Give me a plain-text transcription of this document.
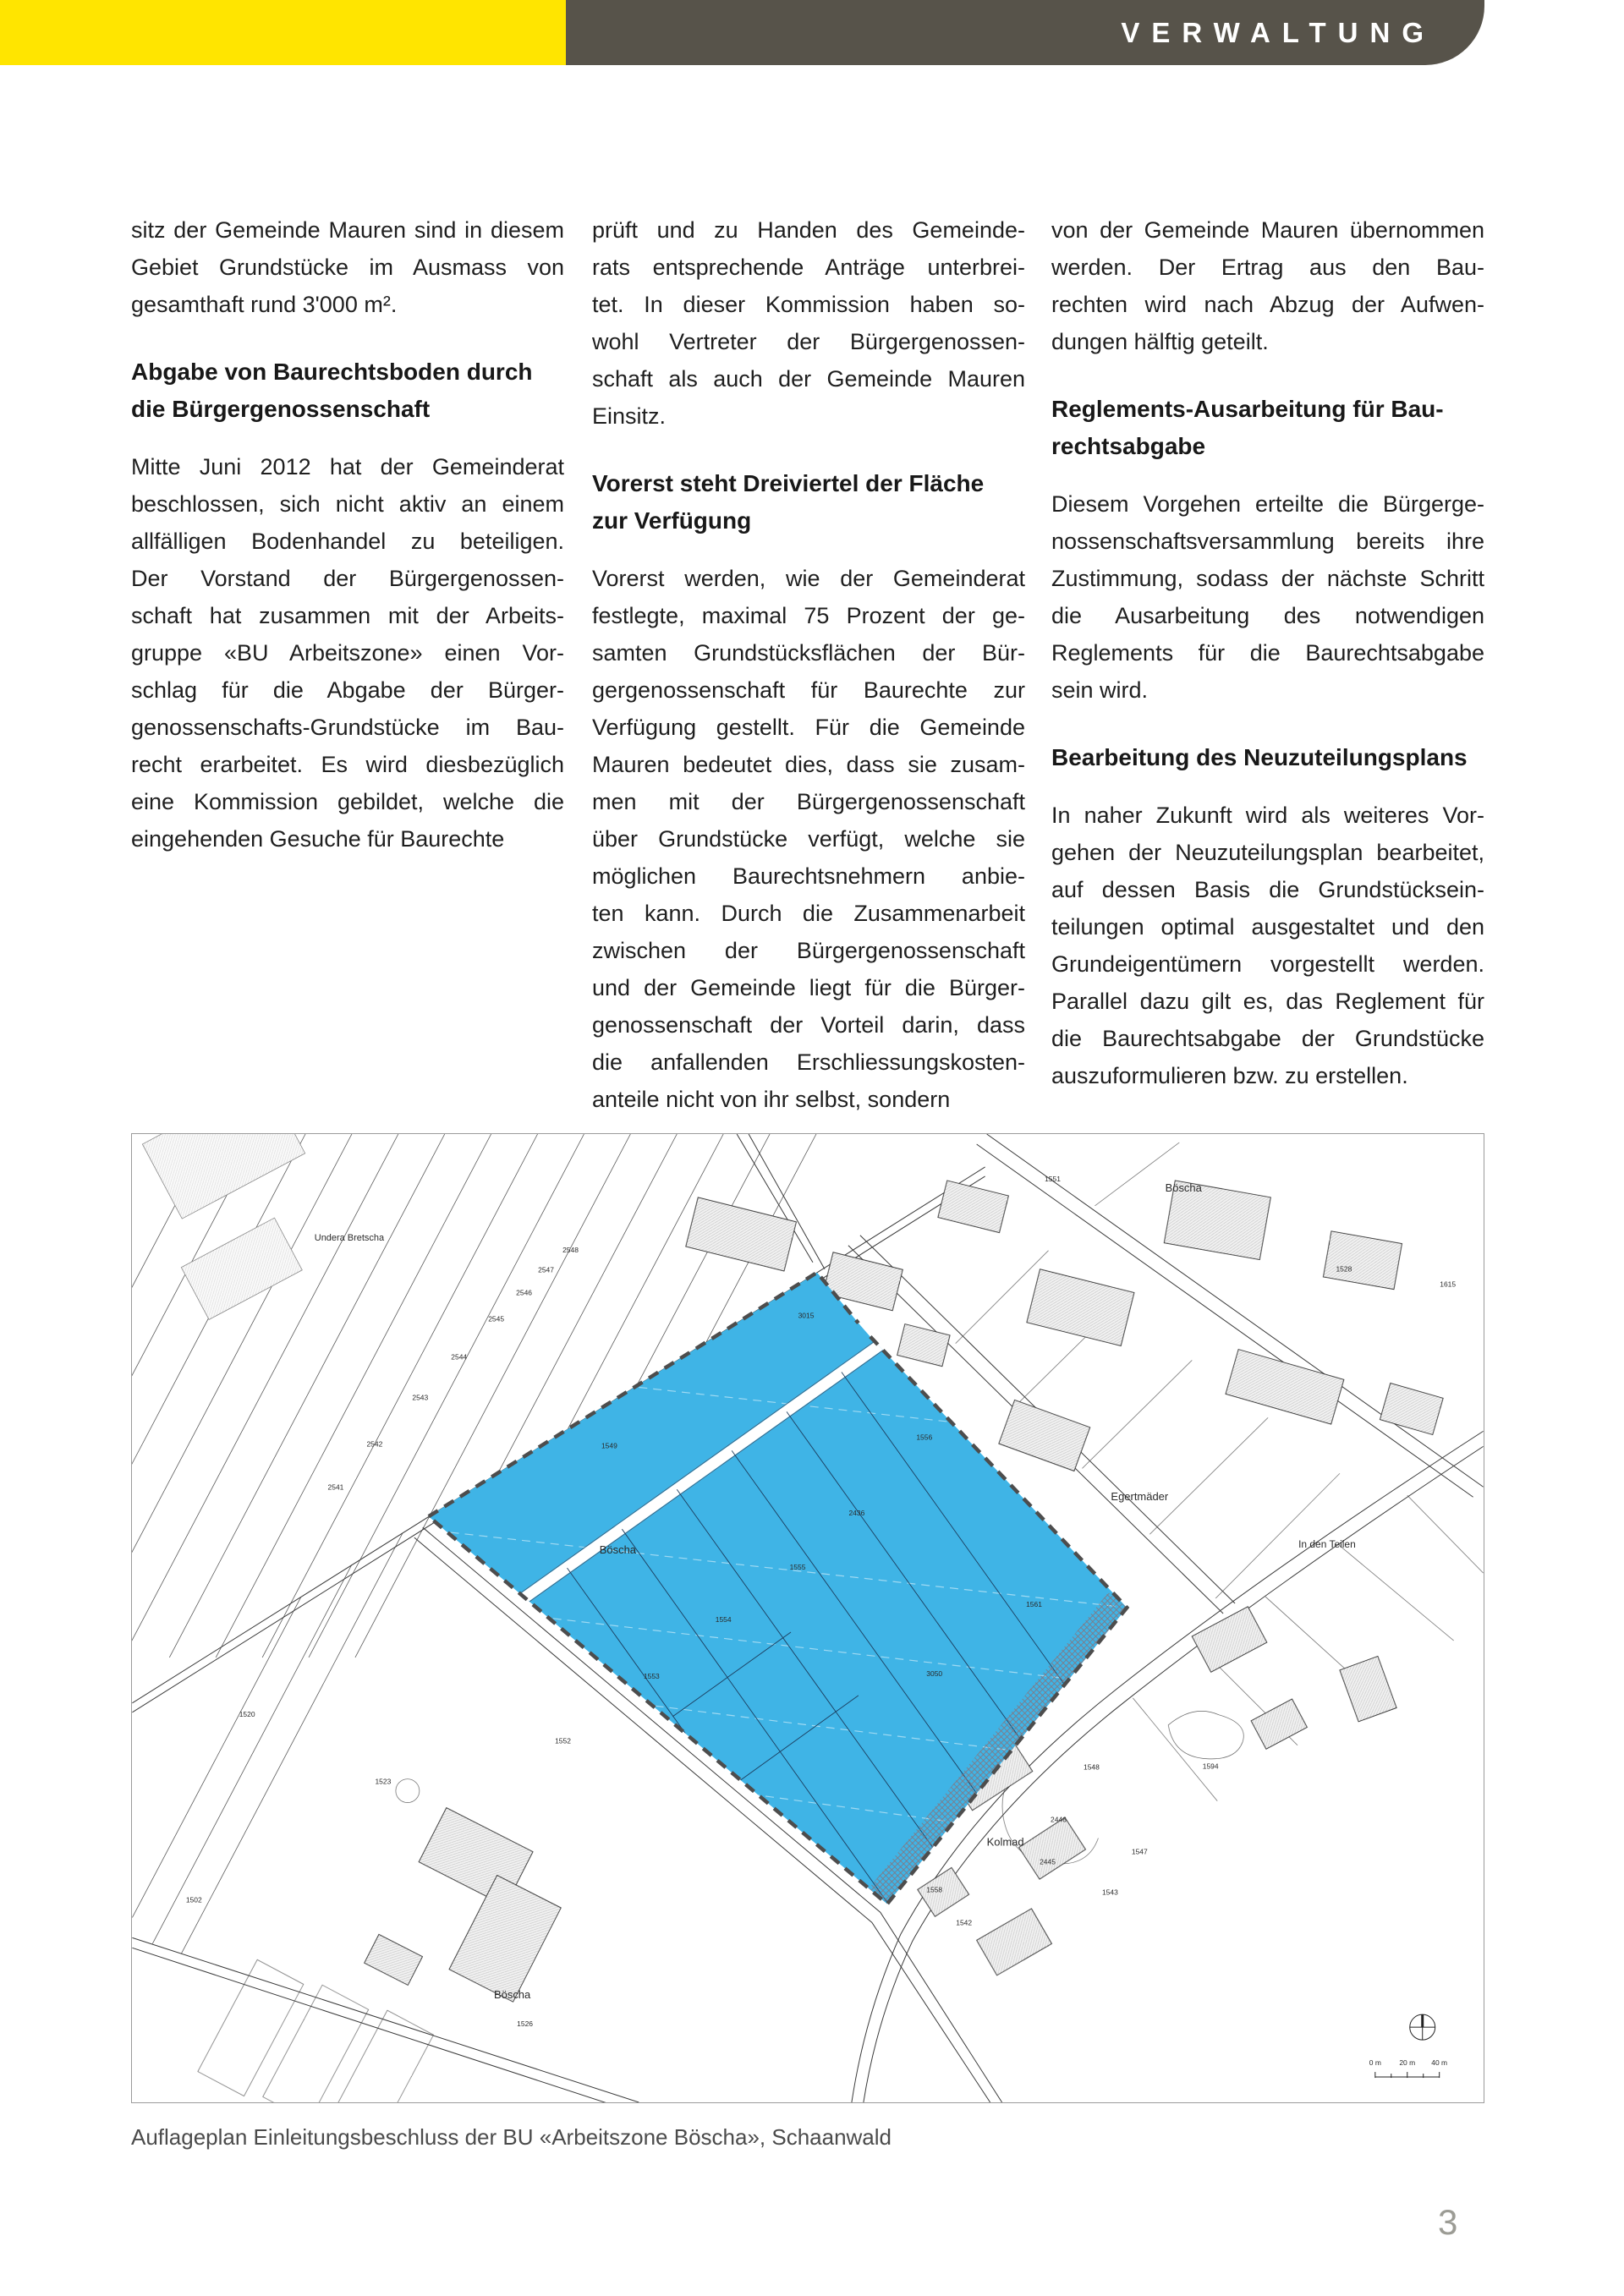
VERWALTUNG
sitz der Gemeinde Mauren sind in diesem
Gebiet Grundstücke im Ausmass von
gesamthaft rund 3'000 m².
Abgabe von Baurechtsboden durch
die Bürgergenossenschaft
Mitte Juni 2012 hat der Gemeinderat
beschlossen, sich nicht aktiv an einem
allfälligen Bodenhandel zu beteiligen.
Der Vorstand der Bürgergenossen-
schaft hat zusammen mit der Arbeits-
gruppe «BU Arbeitszone» einen Vor-
schlag für die Abgabe der Bürger-
genossenschafts-Grundstücke im Bau-
recht erarbeitet. Es wird diesbezüglich
eine Kommission gebildet, welche die
eingehenden Gesuche für Baurechte
prüft und zu Handen des Gemeinde-
rats entsprechende Anträge unterbrei-
tet. In dieser Kommission haben so-
wohl Vertreter der Bürgergenossen-
schaft als auch der Gemeinde Mauren
Einsitz.
Vorerst steht Dreiviertel der Fläche
zur Verfügung
Vorerst werden, wie der Gemeinderat
festlegte, maximal 75 Prozent der ge-
samten Grundstücksflächen der Bür-
gergenossenschaft für Baurechte zur
Verfügung gestellt. Für die Gemeinde
Mauren bedeutet dies, dass sie zusam-
men mit der Bürgergenossenschaft
über Grundstücke verfügt, welche sie
möglichen Baurechtsnehmern anbie-
ten kann. Durch die Zusammenarbeit
zwischen der Bürgergenossenschaft
und der Gemeinde liegt für die Bürger-
genossenschaft der Vorteil darin, dass
die anfallenden Erschliessungskosten-
anteile nicht von ihr selbst, sondern
von der Gemeinde Mauren übernommen
werden. Der Ertrag aus den Bau-
rechten wird nach Abzug der Aufwen-
dungen hälftig geteilt.
Reglements-Ausarbeitung für Bau-
rechtsabgabe
Diesem Vorgehen erteilte die Bürgerge-
nossenschaftsversammlung bereits ihre
Zustimmung, sodass der nächste Schritt
die Ausarbeitung des notwendigen
Reglements für die Baurechtsabgabe
sein wird.
Bearbeitung des Neuzuteilungsplans
In naher Zukunft wird als weiteres Vor-
gehen der Neuzuteilungsplan bearbeitet,
auf dessen Basis die Grundstücksein-
teilungen optimal ausgestaltet und den
Grundeigentümern vorgestellt werden.
Parallel dazu gilt es, das Reglement für
die Baurechtsabgabe der Grundstücke
auszuformulieren bzw. zu erstellen.
0 m	20 m 40 m
3015
1549
1556
2436
1555
1554
1553
1552
3050
1561
2548
2547
2546
2545
2544
2543
2542
2541
1551
1528
1615
1594
1548
1547
2446
2445
1543
1542
1558
1523
1520
1502
1526
Undera Bretscha
Böscha
Egertmäder
In den Teilen
Böscha
Kolmad
Böscha
Auflageplan Einleitungsbeschluss der BU «Arbeitszone Böscha», Schaanwald
3
